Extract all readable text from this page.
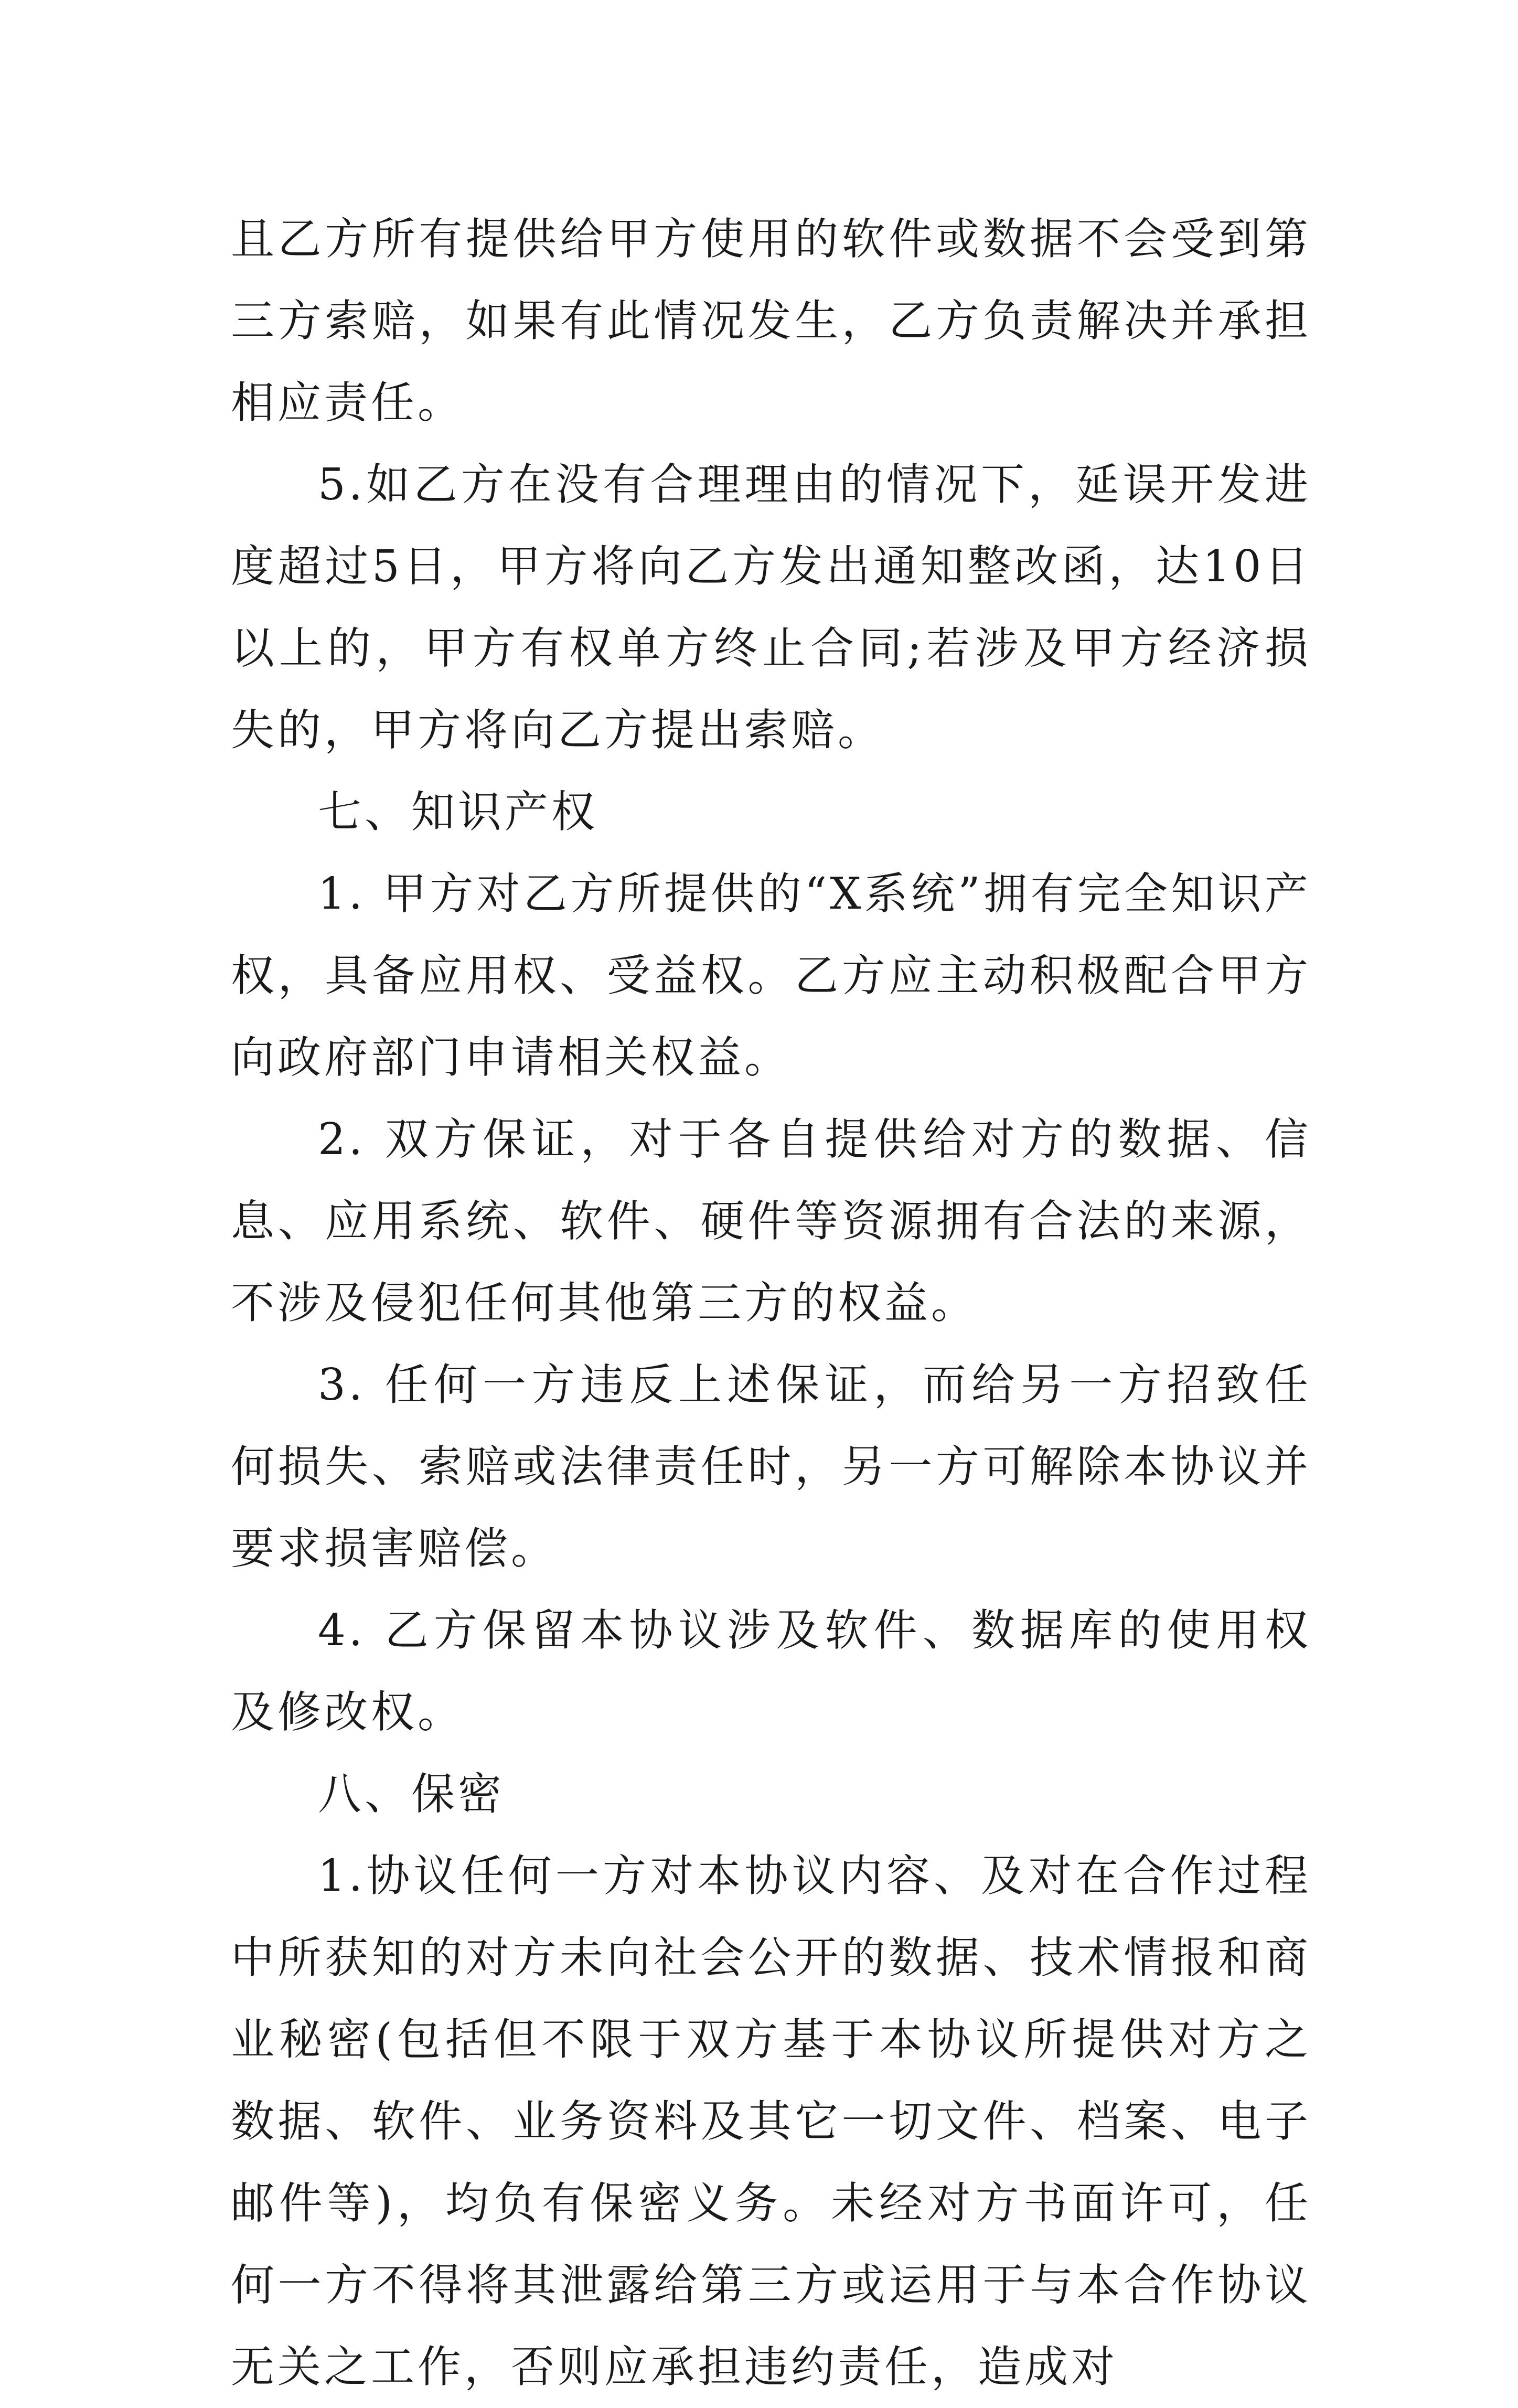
且乙方所有提供给甲方使用的软件或数据不会受到第三方索赔，如果有此情况发生，乙方负责解决并承担相应责任。

5.如乙方在没有合理理由的情况下，延误开发进度超过5日，甲方将向乙方发出通知整改函，达10日以上的，甲方有权单方终止合同;若涉及甲方经济损失的，甲方将向乙方提出索赔。

七、知识产权

1. 甲方对乙方所提供的“X系统”拥有完全知识产权，具备应用权、受益权。乙方应主动积极配合甲方向政府部门申请相关权益。

2. 双方保证，对于各自提供给对方的数据、信息、应用系统、软件、硬件等资源拥有合法的来源，不涉及侵犯任何其他第三方的权益。

3. 任何一方违反上述保证，而给另一方招致任何损失、索赔或法律责任时，另一方可解除本协议并要求损害赔偿。

4. 乙方保留本协议涉及软件、数据库的使用权及修改权。

八、保密

1.协议任何一方对本协议内容、及对在合作过程中所获知的对方未向社会公开的数据、技术情报和商业秘密(包括但不限于双方基于本协议所提供对方之数据、软件、业务资料及其它一切文件、档案、电子邮件等)，均负有保密义务。未经对方书面许可，任何一方不得将其泄露给第三方或运用于与本合作协议无关之工作，否则应承担违约责任，造成对
